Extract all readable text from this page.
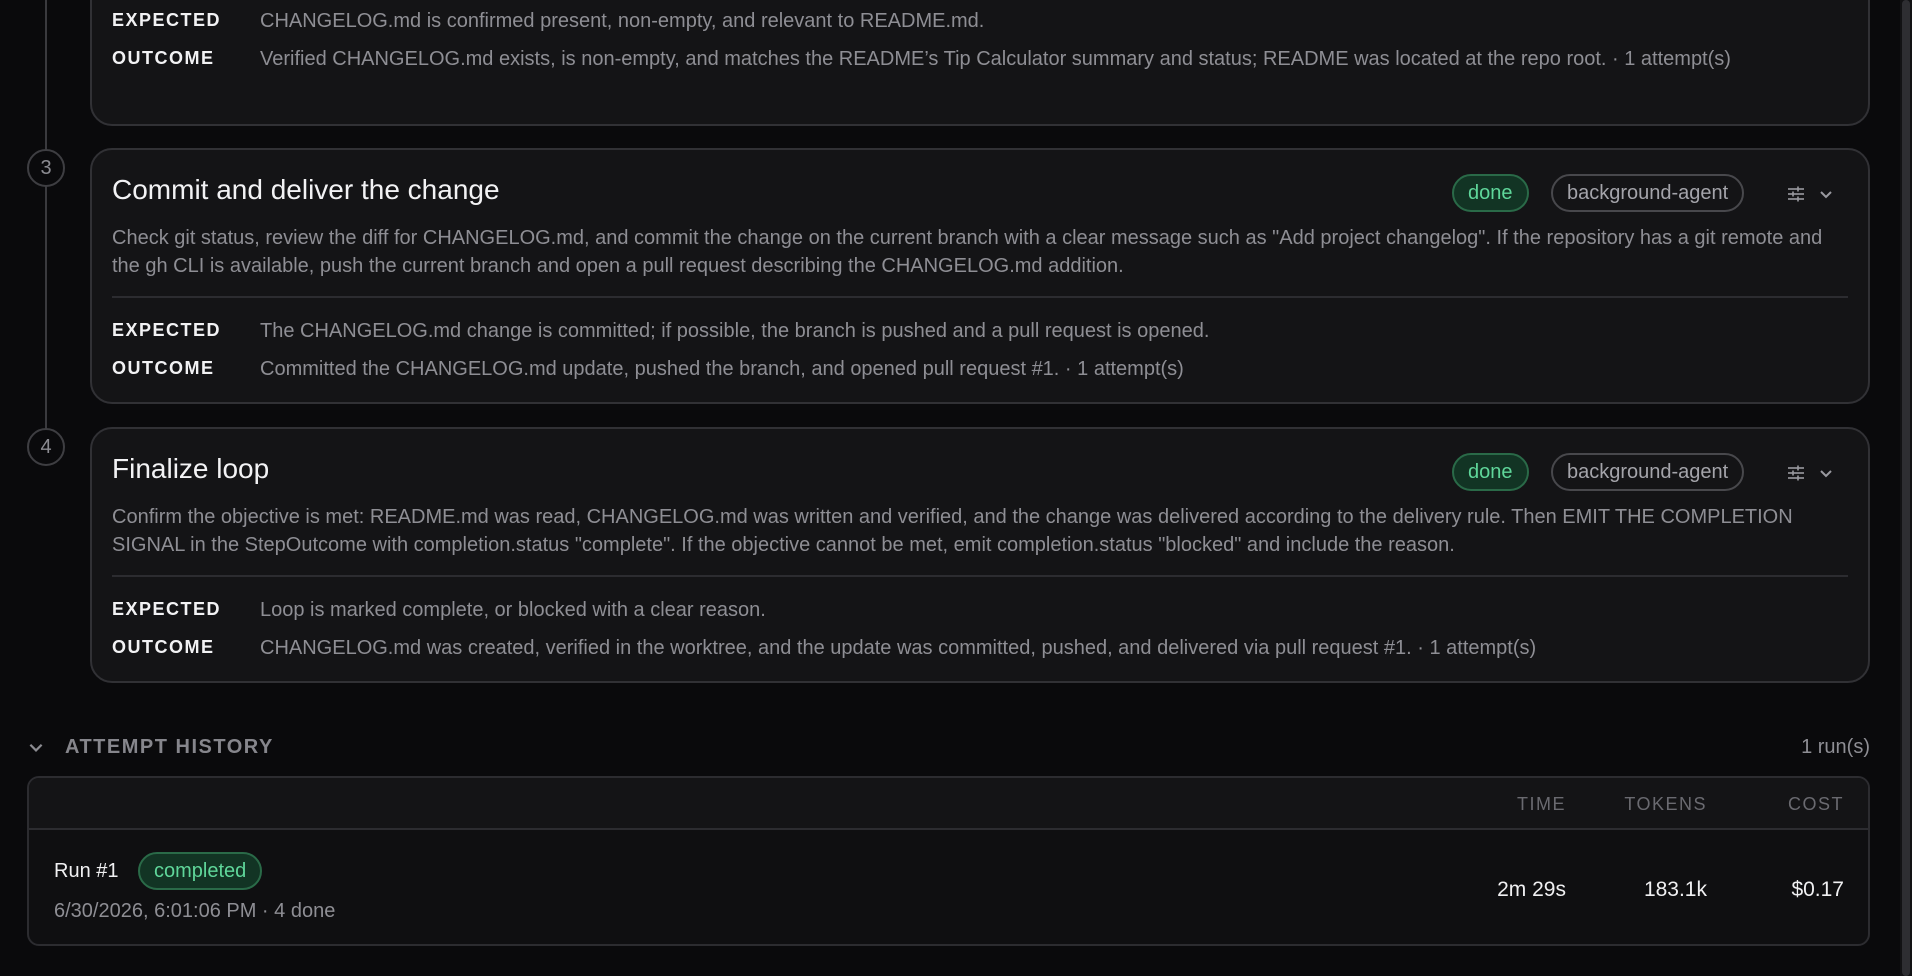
EXPECTED CHANGELOG.md is confirmed present, non-empty, and relevant to README.md.
OUTCOME Verified CHANGELOG.md exists, is non-empty, and matches the README’s Tip Calculator summary and status; README was located at the repo root. · 1 attempt(s)
3
Commit and deliver the change	done	background-agent
Check git status, review the diff for CHANGELOG.md, and commit the change on the current branch with a clear message such as "Add project changelog". If the repository has a git remote and the gh CLI is available, push the current branch and open a pull request describing the CHANGELOG.md addition.
EXPECTED The CHANGELOG.md change is committed; if possible, the branch is pushed and a pull request is opened.
OUTCOME Committed the CHANGELOG.md update, pushed the branch, and opened pull request #1. · 1 attempt(s)
4
Finalize loop	done	background-agent
Confirm the objective is met: README.md was read, CHANGELOG.md was written and verified, and the change was delivered according to the delivery rule. Then EMIT THE COMPLETION SIGNAL in the StepOutcome with completion.status "complete". If the objective cannot be met, emit completion.status "blocked" and include the reason.
EXPECTED Loop is marked complete, or blocked with a clear reason.
OUTCOME CHANGELOG.md was created, verified in the worktree, and the update was committed, pushed, and delivered via pull request #1. · 1 attempt(s)
ATTEMPT HISTORY	1 run(s)
TIME	TOKENS	COST
Run #1	completed
6/30/2026, 6:01:06 PM · 4 done
2m 29s	183.1k	$0.17
